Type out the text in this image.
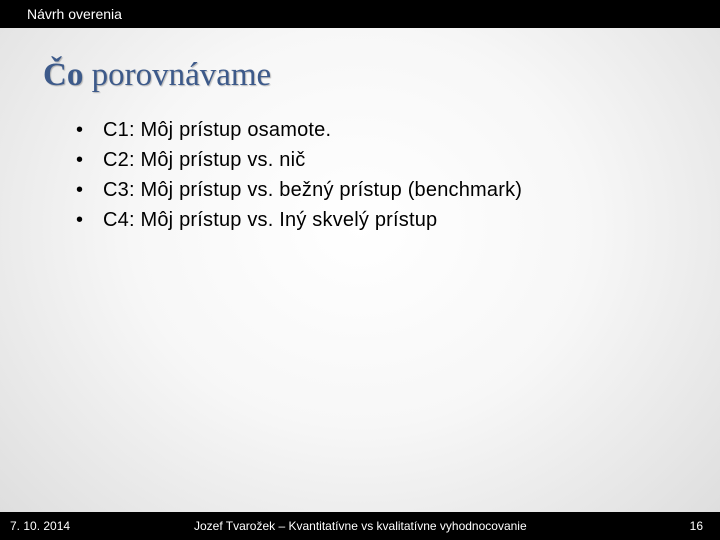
Návrh overenia
Čo porovnávame
• C1: Môj prístup osamote.
• C2: Môj prístup vs. nič
• C3: Môj prístup vs. bežný prístup (benchmark)
• C4: Môj prístup vs. Iný skvelý prístup
7. 10. 2014	Jozef Tvarožek – Kvantitatívne vs kvalitatívne vyhodnocovanie	16
